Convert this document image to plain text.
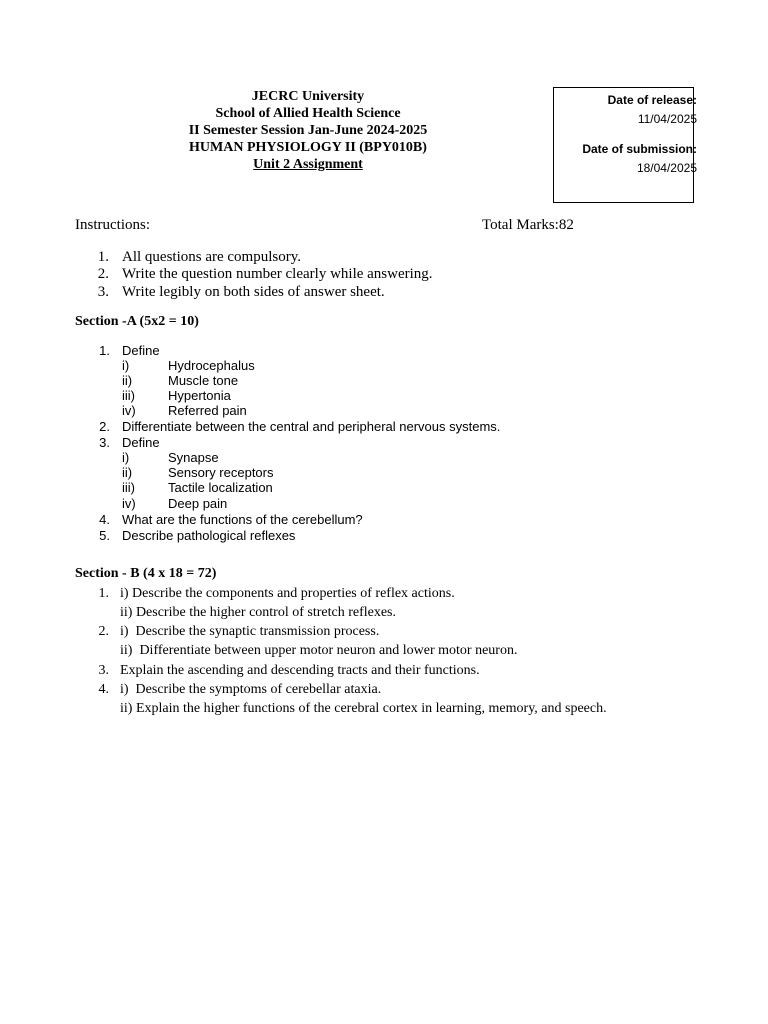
JECRC University
School of Allied Health Science
II Semester Session Jan-June 2024-2025
HUMAN PHYSIOLOGY II (BPY010B)
Unit 2 Assignment
Date of release:
11/04/2025
Date of submission:
18/04/2025
Instructions:	Total Marks:82
1. All questions are compulsory.
2. Write the question number clearly while answering.
3. Write legibly on both sides of answer sheet.
Section -A (5x2 = 10)
1. Define
i)	Hydrocephalus
ii)	Muscle tone
iii)	Hypertonia
iv) Referred pain
2. Differentiate between the central and peripheral nervous systems.
3. Define
i)	Synapse
ii)	Sensory receptors
iii)	Tactile localization
iv) Deep pain
4. What are the functions of the cerebellum?
5. Describe pathological reflexes
Section - B (4 x 18 = 72)
1. i) Describe the components and properties of reflex actions.
ii) Describe the higher control of stretch reflexes.
2. i)  Describe the synaptic transmission process.
ii)  Differentiate between upper motor neuron and lower motor neuron.
3. Explain the ascending and descending tracts and their functions.
4. i)  Describe the symptoms of cerebellar ataxia.
ii) Explain the higher functions of the cerebral cortex in learning, memory, and speech.
